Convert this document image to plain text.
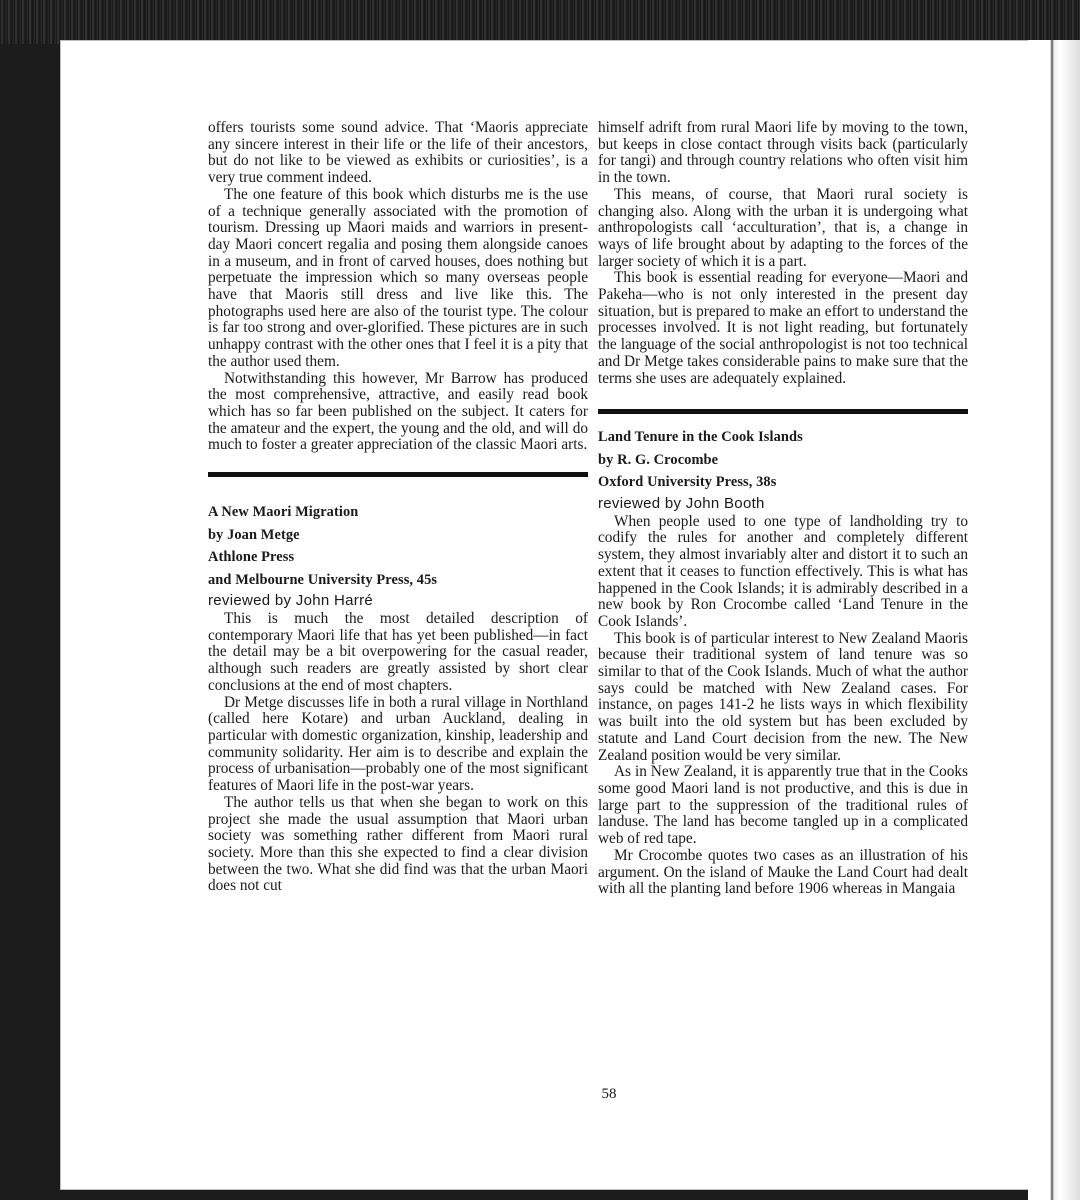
offers tourists some sound advice. That ‘Maoris appreciate any sincere interest in their life or the life of their ancestors, but do not like to be viewed as exhibits or curiosities’, is a very true comment indeed.

The one feature of this book which disturbs me is the use of a technique generally associated with the promotion of tourism. Dressing up Maori maids and warriors in present-day Maori concert regalia and posing them alongside canoes in a museum, and in front of carved houses, does nothing but perpetuate the impression which so many overseas people have that Maoris still dress and live like this. The photographs used here are also of the tourist type. The colour is far too strong and over-glorified. These pictures are in such unhappy contrast with the other ones that I feel it is a pity that the author used them.

Notwithstanding this however, Mr Barrow has produced the most comprehensive, attractive, and easily read book which has so far been published on the subject. It caters for the amateur and the expert, the young and the old, and will do much to foster a greater appreciation of the classic Maori arts.

A New Maori Migration

by Joan Metge

Athlone Press

and Melbourne University Press, 45s

reviewed by John Harré

This is much the most detailed description of contemporary Maori life that has yet been published—in fact the detail may be a bit overpowering for the casual reader, although such readers are greatly assisted by short clear conclusions at the end of most chapters.

Dr Metge discusses life in both a rural village in Northland (called here Kotare) and urban Auckland, dealing in particular with domestic organization, kinship, leadership and community solidarity. Her aim is to describe and explain the process of urbanisation—probably one of the most significant features of Maori life in the post-war years.

The author tells us that when she began to work on this project she made the usual assumption that Maori urban society was something rather different from Maori rural society. More than this she expected to find a clear division between the two. What she did find was that the urban Maori does not cut

himself adrift from rural Maori life by moving to the town, but keeps in close contact through visits back (particularly for tangi) and through country relations who often visit him in the town.

This means, of course, that Maori rural society is changing also. Along with the urban it is undergoing what anthropologists call ‘acculturation’, that is, a change in ways of life brought about by adapting to the forces of the larger society of which it is a part.

This book is essential reading for everyone—Maori and Pakeha—who is not only interested in the present day situation, but is prepared to make an effort to understand the processes involved. It is not light reading, but fortunately the language of the social anthropologist is not too technical and Dr Metge takes considerable pains to make sure that the terms she uses are adequately explained.

Land Tenure in the Cook Islands

by R. G. Crocombe

Oxford University Press, 38s

reviewed by John Booth

When people used to one type of landholding try to codify the rules for another and completely different system, they almost invariably alter and distort it to such an extent that it ceases to function effectively. This is what has happened in the Cook Islands; it is admirably described in a new book by Ron Crocombe called ‘Land Tenure in the Cook Islands’.

This book is of particular interest to New Zealand Maoris because their traditional system of land tenure was so similar to that of the Cook Islands. Much of what the author says could be matched with New Zealand cases. For instance, on pages 141-2 he lists ways in which flexibility was built into the old system but has been excluded by statute and Land Court decision from the new. The New Zealand position would be very similar.

As in New Zealand, it is apparently true that in the Cooks some good Maori land is not productive, and this is due in large part to the suppression of the traditional rules of landuse. The land has become tangled up in a complicated web of red tape.

Mr Crocombe quotes two cases as an illustration of his argument. On the island of Mauke the Land Court had dealt with all the planting land before 1906 whereas in Mangaia

58
